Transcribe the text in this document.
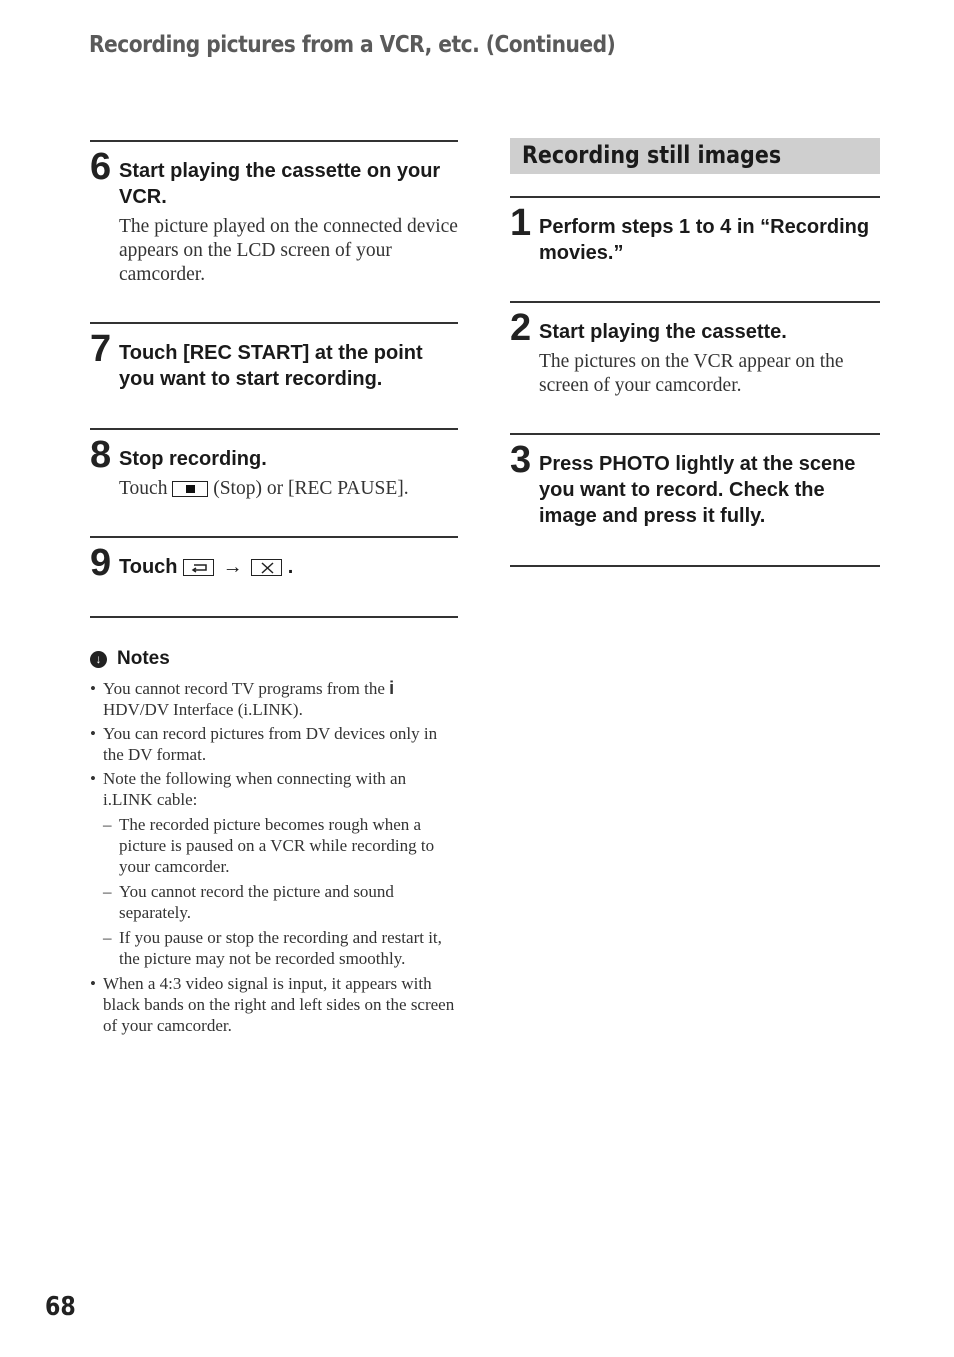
Recording pictures from a VCR, etc. (Continued)
6 Start playing the cassette on your VCR.
The picture played on the connected device appears on the LCD screen of your camcorder.
7 Touch [REC START] at the point you want to start recording.
8 Stop recording.
Touch (Stop) or [REC PAUSE].
9 Touch → .
↓ Notes
• You cannot record TV programs from the i
HDV/DV Interface (i.LINK).
• You can record pictures from DV devices only in the DV format.
• Note the following when connecting with an i.LINK cable:
– The recorded picture becomes rough when a picture is paused on a VCR while recording to your camcorder.
– You cannot record the picture and sound separately.
– If you pause or stop the recording and restart it, the picture may not be recorded smoothly.
• When a 4:3 video signal is input, it appears with black bands on the right and left sides on the screen of your camcorder.
Recording still images
1 Perform steps 1 to 4 in “Recording movies.”
2 Start playing the cassette.
The pictures on the VCR appear on the screen of your camcorder.
3 Press PHOTO lightly at the scene you want to record. Check the image and press it fully.
68
